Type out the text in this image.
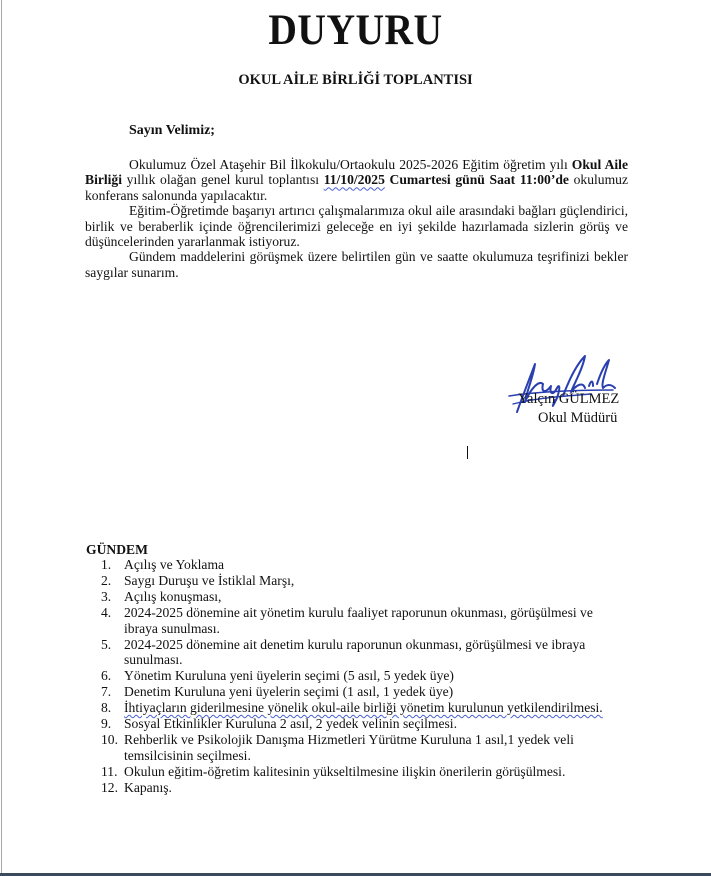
DUYURU
OKUL AİLE BİRLİĞİ TOPLANTISI
Sayın Velimiz;

Okulumuz Özel Ataşehir Bil İlkokulu/Ortaokulu 2025-2026 Eğitim öğretim yılı Okul Aile Birliği yıllık olağan genel kurul toplantısı 11/10/2025 Cumartesi günü Saat 11:00’de okulumuz konferans salonunda yapılacaktır.

Eğitim-Öğretimde başarıyı artırıcı çalışmalarımıza okul aile arasındaki bağları güçlendirici, birlik ve beraberlik içinde öğrencilerimizi geleceğe en iyi şekilde hazırlamada sizlerin görüş ve düşüncelerinden yararlanmak istiyoruz.

Gündem maddelerini görüşmek üzere belirtilen gün ve saatte okulumuza teşrifinizi bekler saygılar sunarım.

Yalçın GÜLMEZ
Okul Müdürü
GÜNDEM
1. Açılış ve Yoklama
2. Saygı Duruşu ve İstiklal Marşı,
3. Açılış konuşması,
4. 2024-2025 dönemine ait yönetim kurulu faaliyet raporunun okunması, görüşülmesi ve ibraya sunulması.
5. 2024-2025 dönemine ait denetim kurulu raporunun okunması, görüşülmesi ve ibraya sunulması.
6. Yönetim Kuruluna yeni üyelerin seçimi (5 asıl, 5 yedek üye)
7. Denetim Kuruluna yeni üyelerin seçimi (1 asıl, 1 yedek üye)
8. İhtiyaçların giderilmesine yönelik okul-aile birliği yönetim kurulunun yetkilendirilmesi.
9. Sosyal Etkinlikler Kuruluna 2 asıl, 2 yedek velinin seçilmesi.
10. Rehberlik ve Psikolojik Danışma Hizmetleri Yürütme Kuruluna 1 asıl,1 yedek veli temsilcisinin seçilmesi.
11. Okulun eğitim-öğretim kalitesinin yükseltilmesine ilişkin önerilerin görüşülmesi.
12. Kapanış.
